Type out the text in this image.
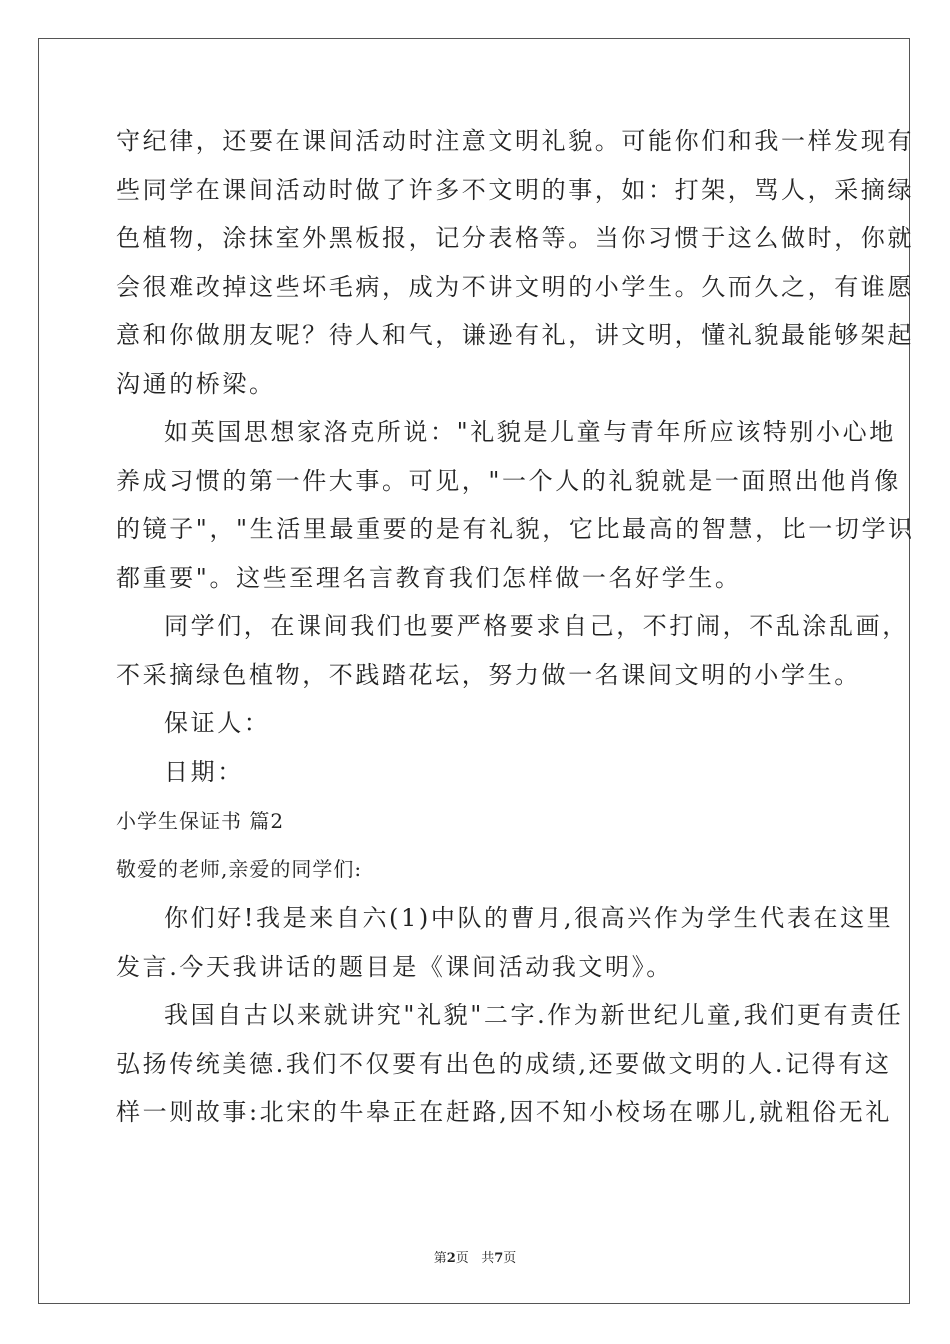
守纪律，还要在课间活动时注意文明礼貌。可能你们和我一样发现有
些同学在课间活动时做了许多不文明的事，如：打架，骂人，采摘绿
色植物，涂抹室外黑板报，记分表格等。当你习惯于这么做时，你就
会很难改掉这些坏毛病，成为不讲文明的小学生。久而久之，有谁愿
意和你做朋友呢？待人和气，谦逊有礼，讲文明，懂礼貌最能够架起
沟通的桥梁。
如英国思想家洛克所说："礼貌是儿童与青年所应该特别小心地
养成习惯的第一件大事。可见，"一个人的礼貌就是一面照出他肖像
的镜子"，"生活里最重要的是有礼貌，它比最高的智慧，比一切学识
都重要"。这些至理名言教育我们怎样做一名好学生。
同学们，在课间我们也要严格要求自己，不打闹，不乱涂乱画，
不采摘绿色植物，不践踏花坛，努力做一名课间文明的小学生。
保证人：
日期：
小学生保证书 篇2
敬爱的老师,亲爱的同学们:
你们好!我是来自六(1)中队的曹月,很高兴作为学生代表在这里
发言.今天我讲话的题目是《课间活动我文明》。
我国自古以来就讲究"礼貌"二字.作为新世纪儿童,我们更有责任
弘扬传统美德.我们不仅要有出色的成绩,还要做文明的人.记得有这
样一则故事:北宋的牛皋正在赶路,因不知小校场在哪儿,就粗俗无礼
第2页 共7页
